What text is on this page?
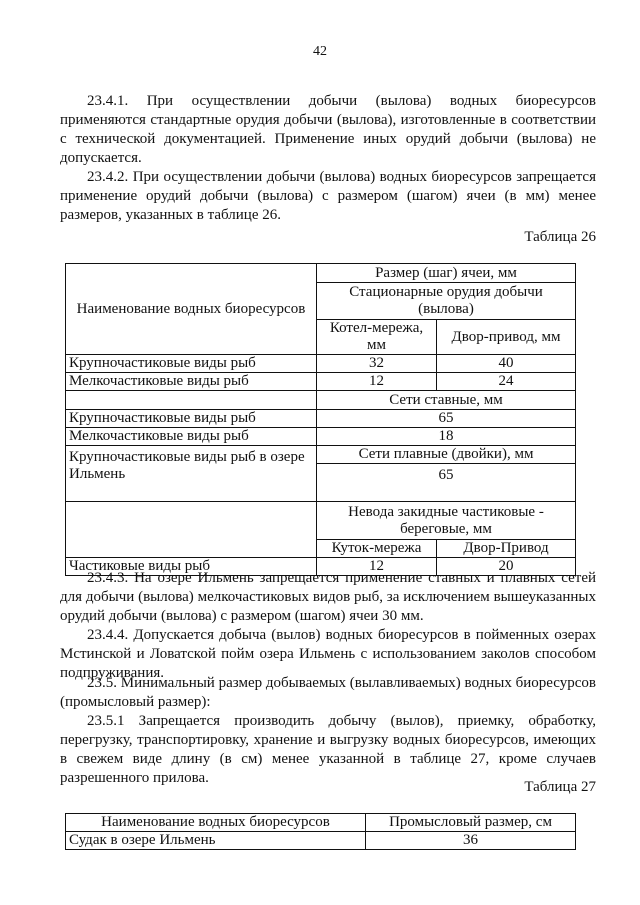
42

23.4.1. При осуществлении добычи (вылова) водных биоресурсов применяются стандартные орудия добычи (вылова), изготовленные в соответствии с технической документацией. Применение иных орудий добычи (вылова) не допускается.

23.4.2. При осуществлении добычи (вылова) водных биоресурсов запрещается применение орудий добычи (вылова) с размером (шагом) ячеи (в мм) менее размеров, указанных в таблице 26.

Таблица 26
Наименование водных биоресурсов	Размер (шаг) ячеи, мм	
	Стационарные орудия добычи (вылова)	
	Котел-мережа, мм	Двор-привод, мм
Крупночастиковые виды рыб	32	40
Мелкочастиковые виды рыб	12	24
	Сети ставные, мм	
Крупночастиковые виды рыб	65	
Мелкочастиковые виды рыб	18	
Крупночастиковые виды рыб в озере Ильмень	Сети плавные (двойки), мм	
	65	
	Невода закидные частиковые - береговые, мм	
	Куток-мережа	Двор-Привод
Частиковые виды рыб	12	20

23.4.3. На озере Ильмень запрещается применение ставных и плавных сетей для добычи (вылова) мелкочастиковых видов рыб, за исключением вышеуказанных орудий добычи (вылова) с размером (шагом) ячеи 30 мм.

23.4.4. Допускается добыча (вылов) водных биоресурсов в пойменных озерах Мстинской и Ловатской пойм озера Ильмень с использованием заколов способом подпруживания.

23.5. Минимальный размер добываемых (вылавливаемых) водных биоресурсов (промысловый размер):

23.5.1 Запрещается производить добычу (вылов), приемку, обработку, перегрузку, транспортировку, хранение и выгрузку водных биоресурсов, имеющих в свежем виде длину (в см) менее указанной в таблице 27, кроме случаев разрешенного прилова.

Таблица 27
Наименование водных биоресурсов	Промысловый размер, см
Судак в озере Ильмень	36
